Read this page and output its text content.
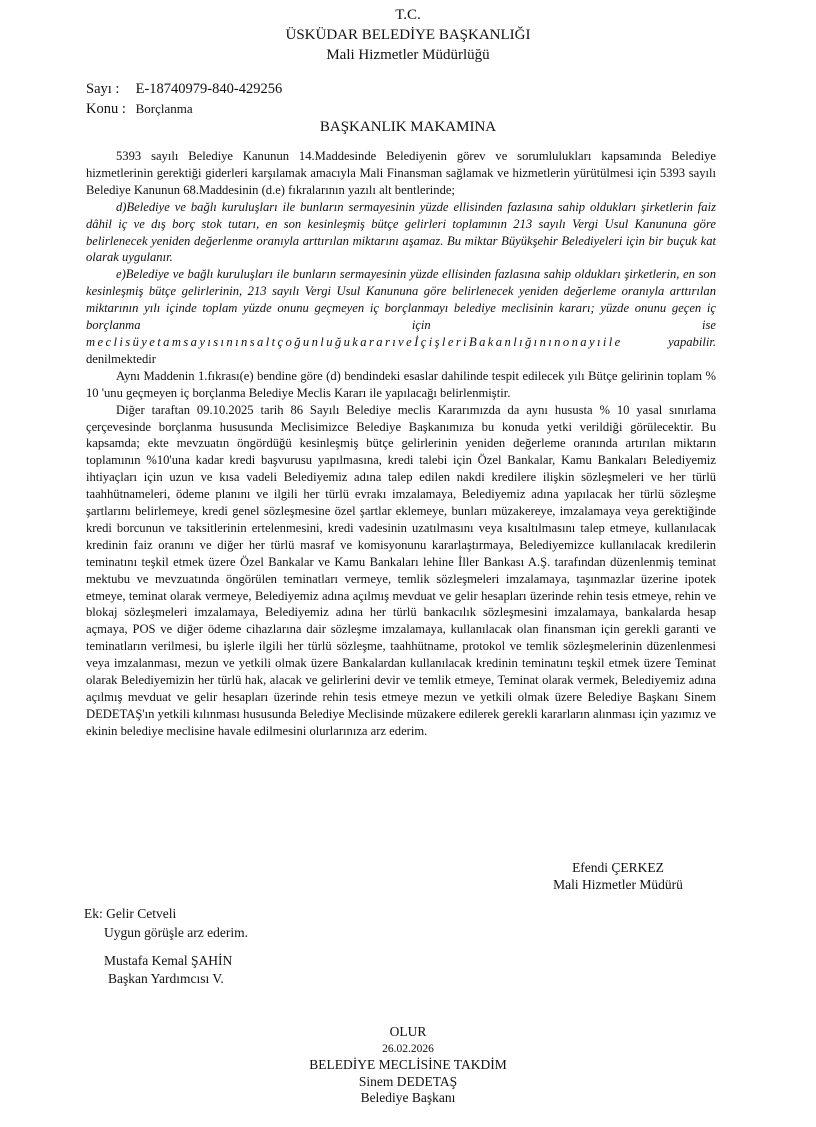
T.C.
ÜSKÜDAR BELEDİYE BAŞKANLIĞI
Mali Hizmetler Müdürlüğü
Sayı : E-18740979-840-429256
Konu : Borçlanma
BAŞKANLIK MAKAMINA

5393 sayılı Belediye Kanunun 14.Maddesinde Belediyenin görev ve sorumlulukları kapsamında Belediye hizmetlerinin gerektiği giderleri karşılamak amacıyla Mali Finansman sağlamak ve hizmetlerin yürütülmesi için 5393 sayılı Belediye Kanunun 68.Maddesinin (d.e) fıkralarının yazılı alt bentlerinde;

d)Belediye ve bağlı kuruluşları ile bunların sermayesinin yüzde ellisinden fazlasına sahip oldukları şirketlerin faiz dâhil iç ve dış borç stok tutarı, en son kesinleşmiş bütçe gelirleri toplamının 213 sayılı Vergi Usul Kanununa göre belirlenecek yeniden değerlenme oranıyla arttırılan miktarını aşamaz. Bu miktar Büyükşehir Belediyeleri için bir buçuk kat olarak uygulanır.

e)Belediye ve bağlı kuruluşları ile bunların sermayesinin yüzde ellisinden fazlasına sahip oldukları şirketlerin, en son kesinleşmiş bütçe gelirlerinin, 213 sayılı Vergi Usul Kanununa göre belirlenecek yeniden değerleme oranıyla arttırılan miktarının yılı içinde toplam yüzde onunu geçmeyen iç borçlanmayı belediye meclisinin kararı; yüzde onunu geçen iç borçlanma için ise meclisüyetamsayısınınsaltçoğunluğukararıveİçişleriBakanlığınınonayıile	yapabilir. denilmektedir

Aynı Maddenin 1.fıkrası(e) bendine göre (d) bendindeki esaslar dahilinde tespit edilecek yılı Bütçe gelirinin toplam % 10 'unu geçmeyen iç borçlanma Belediye Meclis Kararı ile yapılacağı belirlenmiştir.

Diğer taraftan 09.10.2025 tarih 86 Sayılı Belediye meclis Kararımızda da aynı hususta % 10 yasal sınırlama çerçevesinde borçlanma hususunda Meclisimizce Belediye Başkanımıza bu konuda yetki verildiği görülecektir. Bu kapsamda; ekte mevzuatın öngördüğü kesinleşmiş bütçe gelirlerinin yeniden değerleme oranında artırılan miktarın toplamının %10'una kadar kredi başvurusu yapılmasına, kredi talebi için Özel Bankalar, Kamu Bankaları Belediyemiz ihtiyaçları için uzun ve kısa vadeli Belediyemiz adına talep edilen nakdi kredilere ilişkin sözleşmeleri ve her türlü taahhütnameleri, ödeme planını ve ilgili her türlü evrakı imzalamaya, Belediyemiz adına yapılacak her türlü sözleşme şartlarını belirlemeye, kredi genel sözleşmesine özel şartlar eklemeye, bunları müzakereye, imzalamaya veya gerektiğinde kredi borcunun ve taksitlerinin ertelenmesini, kredi vadesinin uzatılmasını veya kısaltılmasını talep etmeye, kullanılacak kredinin faiz oranını ve diğer her türlü masraf ve komisyonunu kararlaştırmaya, Belediyemizce kullanılacak kredilerin teminatını teşkil etmek üzere Özel Bankalar ve Kamu Bankaları lehine İller Bankası A.Ş. tarafından düzenlenmiş teminat mektubu ve mevzuatında öngörülen teminatları vermeye, temlik sözleşmeleri imzalamaya, taşınmazlar üzerine ipotek etmeye, teminat olarak vermeye, Belediyemiz adına açılmış mevduat ve gelir hesapları üzerinde rehin tesis etmeye, rehin ve blokaj sözleşmeleri imzalamaya, Belediyemiz adına her türlü bankacılık sözleşmesini imzalamaya, bankalarda hesap açmaya, POS ve diğer ödeme cihazlarına dair sözleşme imzalamaya, kullanılacak olan finansman için gerekli garanti ve teminatların verilmesi, bu işlerle ilgili her türlü sözleşme, taahhütname, protokol ve temlik sözleşmelerinin düzenlenmesi veya imzalanması, mezun ve yetkili olmak üzere Bankalardan kullanılacak kredinin teminatını teşkil etmek üzere Teminat olarak Belediyemizin her türlü hak, alacak ve gelirlerini devir ve temlik etmeye, Teminat olarak vermek, Belediyemiz adına açılmış mevduat ve gelir hesapları üzerinde rehin tesis etmeye mezun ve yetkili olmak üzere Belediye Başkanı Sinem DEDETAŞ'ın yetkili kılınması hususunda Belediye Meclisinde müzakere edilerek gerekli kararların alınması için yazımız ve ekinin belediye meclisine havale edilmesini olurlarınıza arz ederim.

Efendi ÇERKEZ
Mali Hizmetler Müdürü
Ek: Gelir Cetveli
Uygun görüşle arz ederim.
Mustafa Kemal ŞAHİN
Başkan Yardımcısı V.
OLUR
26.02.2026
BELEDİYE MECLİSİNE TAKDİM
Sinem DEDETAŞ
Belediye Başkanı
